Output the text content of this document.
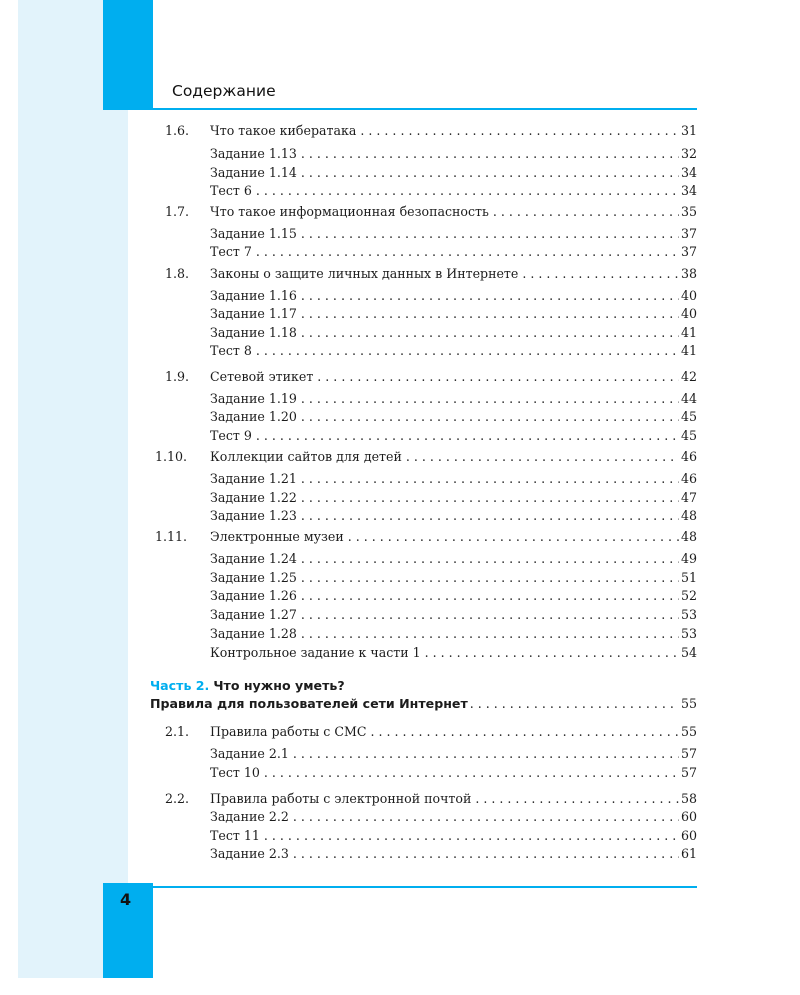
Содержание
1.6.	Что такое кибератака . . .	31
Задание 1.13 . . .	32
Задание 1.14 . . .	34
Тест 6 . . .	34
1.7.	Что такое информационная безопасность . . .	35
Задание 1.15 . . .	37
Тест 7 . . .	37
1.8.	Законы о защите личных данных в Интернете . . .	38
Задание 1.16 . . .	40
Задание 1.17 . . .	40
Задание 1.18 . . .	41
Тест 8 . . .	41
1.9.	Сетевой этикет . . .	42
Задание 1.19 . . .	44
Задание 1.20 . . .	45
Тест 9 . . .	45
1.10.	Коллекции сайтов для детей . . .	46
Задание 1.21 . . .	46
Задание 1.22 . . .	47
Задание 1.23 . . .	48
1.11.	Электронные музеи . . .	48
Задание 1.24 . . .	49
Задание 1.25 . . .	51
Задание 1.26 . . .	52
Задание 1.27 . . .	53
Задание 1.28 . . .	53
Контрольное задание к части 1 . . .	54
Часть 2. Что нужно уметь?
Правила для пользователей сети Интернет . . .	55
2.1.	Правила работы с СМС . . .	55
Задание 2.1 . . .	57
Тест 10 . . .	57
2.2.	Правила работы с электронной почтой . . .	58
Задание 2.2 . . .	60
Тест 11 . . .	60
Задание 2.3 . . .	61
4
